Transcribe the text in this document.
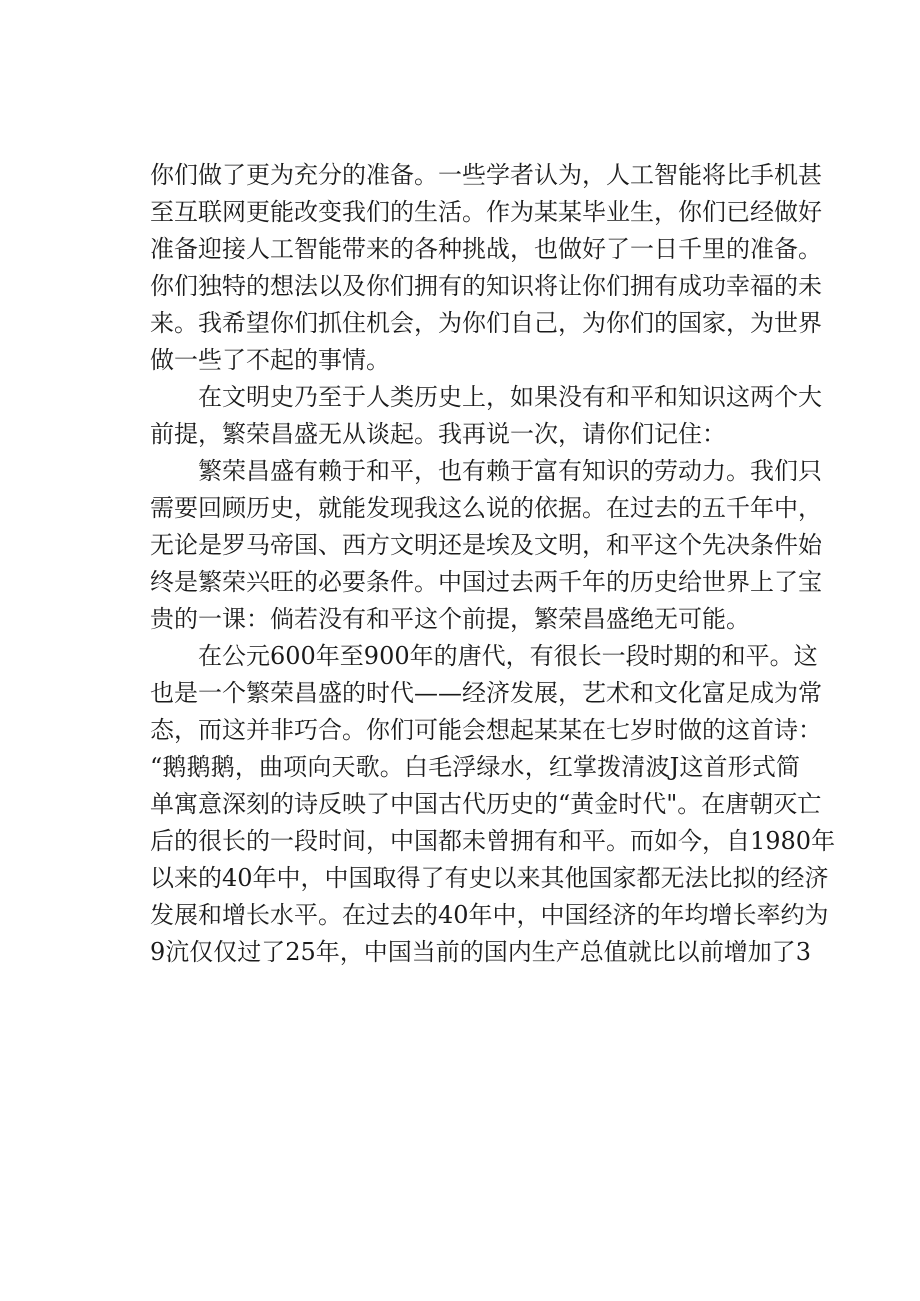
你们做了更为充分的准备。一些学者认为，人工智能将比手机甚
至互联网更能改变我们的生活。作为某某毕业生，你们已经做好
准备迎接人工智能带来的各种挑战，也做好了一日千里的准备。
你们独特的想法以及你们拥有的知识将让你们拥有成功幸福的未
来。我希望你们抓住机会，为你们自己，为你们的国家，为世界
做一些了不起的事情。
在文明史乃至于人类历史上，如果没有和平和知识这两个大
前提，繁荣昌盛无从谈起。我再说一次，请你们记住：
繁荣昌盛有赖于和平，也有赖于富有知识的劳动力。我们只
需要回顾历史，就能发现我这么说的依据。在过去的五千年中，
无论是罗马帝国、西方文明还是埃及文明，和平这个先决条件始
终是繁荣兴旺的必要条件。中国过去两千年的历史给世界上了宝
贵的一课：倘若没有和平这个前提，繁荣昌盛绝无可能。
在公元600年至900年的唐代，有很长一段时期的和平。这
也是一个繁荣昌盛的时代——经济发展，艺术和文化富足成为常
态，而这并非巧合。你们可能会想起某某在七岁时做的这首诗：
“鹅鹅鹅，曲项向天歌。白毛浮绿水，红掌拨清波J这首形式简
单寓意深刻的诗反映了中国古代历史的“黄金时代"。在唐朝灭亡
后的很长的一段时间，中国都未曾拥有和平。而如今，自1980年
以来的40年中，中国取得了有史以来其他国家都无法比拟的经济
发展和增长水平。在过去的40年中，中国经济的年均增长率约为
9沆仅仅过了25年，中国当前的国内生产总值就比以前增加了3
